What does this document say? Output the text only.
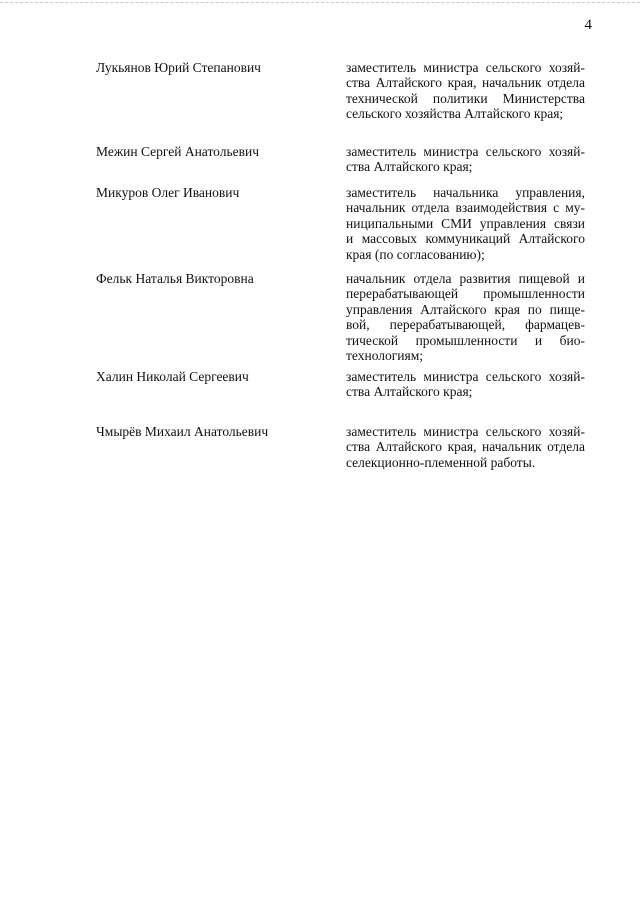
4
Лукьянов Юрий Степанович	заместитель министра сельского хозяй-
ства Алтайского края, начальник отдела
технической политики Министерства
сельского хозяйства Алтайского края;
Межин Сергей Анатольевич	заместитель министра сельского хозяй-
ства Алтайского края;
Микуров Олег Иванович	заместитель начальника управления,
начальник отдела взаимодействия с му-
ниципальными СМИ управления связи
и массовых коммуникаций Алтайского
края (по согласованию);
Фельк Наталья Викторовна	начальник отдела развития пищевой и
перерабатывающей промышленности
управления Алтайского края по пище-
вой, перерабатывающей, фармацев-
тической промышленности и био-
технологиям;
Халин Николай Сергеевич	заместитель министра сельского хозяй-
ства Алтайского края;
Чмырёв Михаил Анатольевич	заместитель министра сельского хозяй-
ства Алтайского края, начальник отдела
селекционно-племенной работы.
